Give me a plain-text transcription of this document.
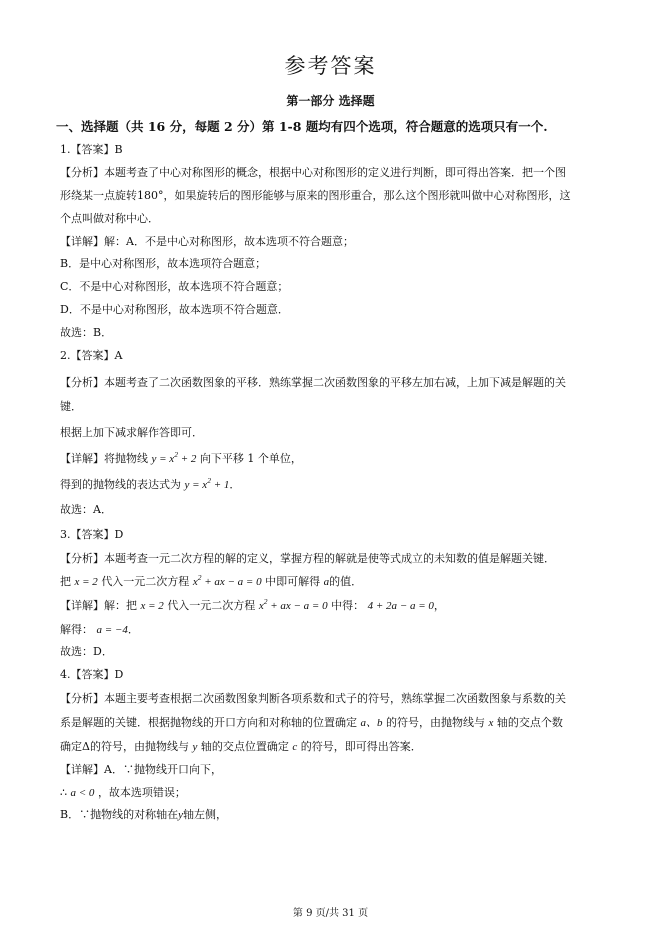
参考答案
第一部分 选择题
一、选择题（共 16 分，每题 2 分）第 1-8 题均有四个选项，符合题意的选项只有一个.
1.【答案】B
【分析】本题考查了中心对称图形的概念，根据中心对称图形的定义进行判断，即可得出答案．把一个图
形绕某一点旋转180°，如果旋转后的图形能够与原来的图形重合，那么这个图形就叫做中心对称图形，这
个点叫做对称中心．
【详解】解：A．不是中心对称图形，故本选项不符合题意；
B．是中心对称图形，故本选项符合题意；
C．不是中心对称图形，故本选项不符合题意；
D．不是中心对称图形，故本选项不符合题意．
故选：B．
2.【答案】A
【分析】本题考查了二次函数图象的平移．熟练掌握二次函数图象的平移左加右减，上加下减是解题的关
键．
根据上加下减求解作答即可．
【详解】将抛物线 $y = x^2 + 2$ 向下平移 1 个单位，
得到的抛物线的表达式为 $y = x^2 + 1$．
故选：A．
3.【答案】D
【分析】本题考查一元二次方程的解的定义，掌握方程的解就是使等式成立的未知数的值是解题关键．
把 x = 2 代入一元二次方程 $x^2$ + ax − a = 0 中即可解得 a的值．
【详解】解：把 x = 2 代入一元二次方程 $x^2$ + ax − a = 0 中得： 4 + 2a − a = 0，
解得： a = −4．
故选：D．
4.【答案】D
【分析】本题主要考查根据二次函数图象判断各项系数和式子的符号，熟练掌握二次函数图象与系数的关
系是解题的关键．根据抛物线的开口方向和对称轴的位置确定 a、b 的符号，由抛物线与 x 轴的交点个数
确定Δ的符号，由抛物线与 y 轴的交点位置确定 c 的符号，即可得出答案．
【详解】A．∵抛物线开口向下，
∴ a < 0 ，故本选项错误；
B．∵抛物线的对称轴在y轴左侧，
第 9 页/共 31 页
